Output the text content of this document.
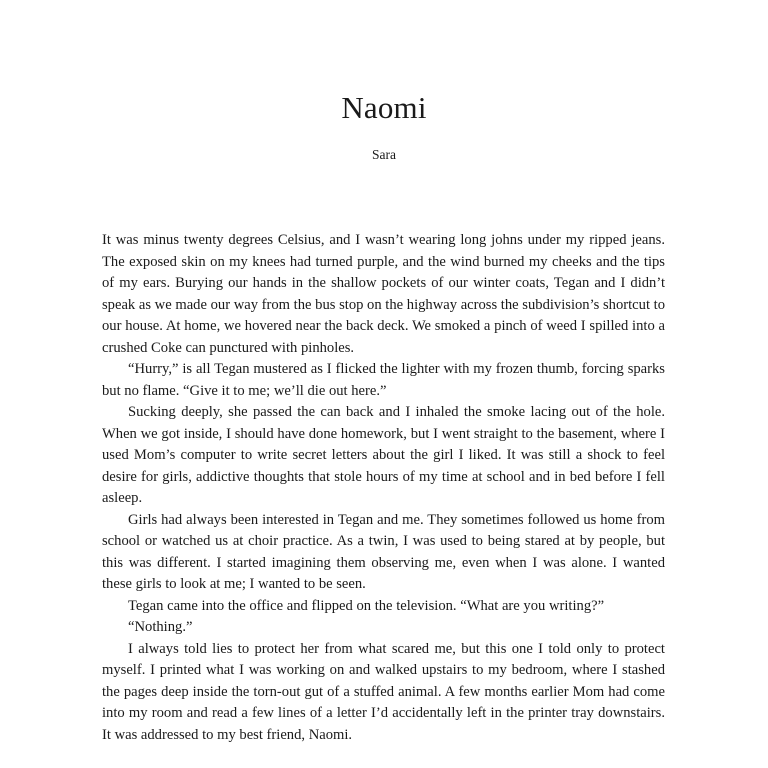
Naomi
Sara

It was minus twenty degrees Celsius, and I wasn’t wearing long johns under my ripped jeans. The exposed skin on my knees had turned purple, and the wind burned my cheeks and the tips of my ears. Burying our hands in the shallow pockets of our winter coats, Tegan and I didn’t speak as we made our way from the bus stop on the highway across the subdivision’s shortcut to our house. At home, we hovered near the back deck. We smoked a pinch of weed I spilled into a crushed Coke can punctured with pinholes.

“Hurry,” is all Tegan mustered as I flicked the lighter with my frozen thumb, forcing sparks but no flame. “Give it to me; we’ll die out here.”

Sucking deeply, she passed the can back and I inhaled the smoke lacing out of the hole. When we got inside, I should have done homework, but I went straight to the basement, where I used Mom’s computer to write secret letters about the girl I liked. It was still a shock to feel desire for girls, addictive thoughts that stole hours of my time at school and in bed before I fell asleep.

Girls had always been interested in Tegan and me. They sometimes followed us home from school or watched us at choir practice. As a twin, I was used to being stared at by people, but this was different. I started imagining them observing me, even when I was alone. I wanted these girls to look at me; I wanted to be seen.

Tegan came into the office and flipped on the television. “What are you writing?”

“Nothing.”

I always told lies to protect her from what scared me, but this one I told only to protect myself. I printed what I was working on and walked upstairs to my bedroom, where I stashed the pages deep inside the torn-out gut of a stuffed animal. A few months earlier Mom had come into my room and read a few lines of a letter I’d accidentally left in the printer tray downstairs. It was addressed to my best friend, Naomi.
